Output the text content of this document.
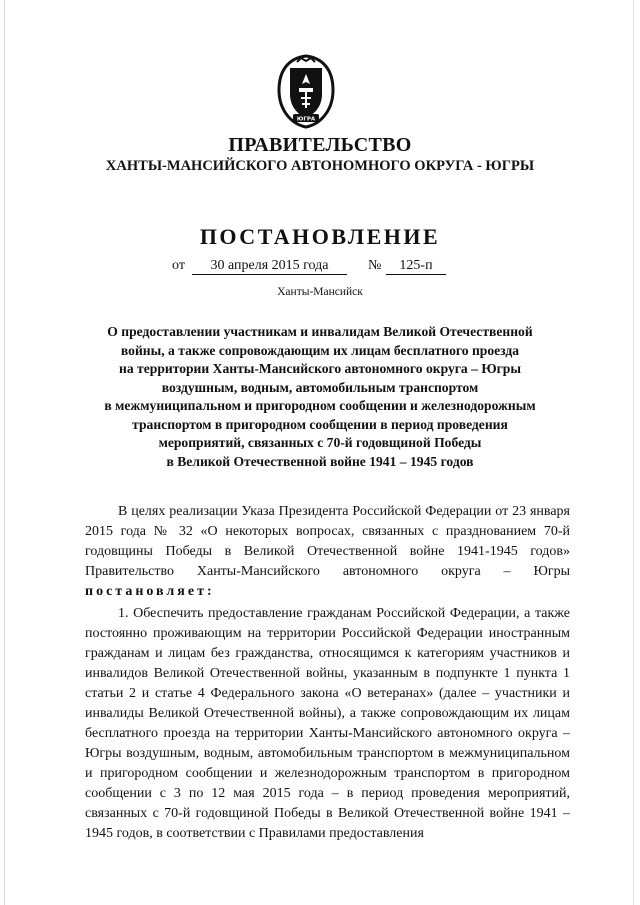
ЮГРА
ПРАВИТЕЛЬСТВО
ХАНТЫ-МАНСИЙСКОГО АВТОНОМНОГО ОКРУГА - ЮГРЫ
ПОСТАНОВЛЕНИЕ
от	30 апреля 2015 года	№	125-п
Ханты-Мансийск
О предоставлении участникам и инвалидам Великой Отечественной
войны, а также сопровождающим их лицам бесплатного проезда
на территории Ханты-Мансийского автономного округа – Югры
воздушным, водным, автомобильным транспортом
в межмуниципальном и пригородном сообщении и железнодорожным
транспортом в пригородном сообщении в период проведения
мероприятий, связанных с 70-й годовщиной Победы
в Великой Отечественной войне 1941 – 1945 годов
В целях реализации Указа Президента Российской Федерации от 23 января 2015 года № 32 «О некоторых вопросах, связанных с празднованием 70-й годовщины Победы в Великой Отечественной войне 1941-1945 годов» Правительство Ханты-Мансийского автономного округа – Югры постановляет:
1. Обеспечить предоставление гражданам Российской Федерации, а также постоянно проживающим на территории Российской Федерации иностранным гражданам и лицам без гражданства, относящимся к категориям участников и инвалидов Великой Отечественной войны, указанным в подпункте 1 пункта 1 статьи 2 и статье 4 Федерального закона «О ветеранах» (далее – участники и инвалиды Великой Отечественной войны), а также сопровождающим их лицам бесплатного проезда на территории Ханты-Мансийского автономного округа – Югры воздушным, водным, автомобильным транспортом в межмуниципальном и пригородном сообщении и железнодорожным транспортом в пригородном сообщении с 3 по 12 мая 2015 года – в период проведения мероприятий, связанных с 70-й годовщиной Победы в Великой Отечественной войне 1941 – 1945 годов, в соответствии с Правилами предоставления
